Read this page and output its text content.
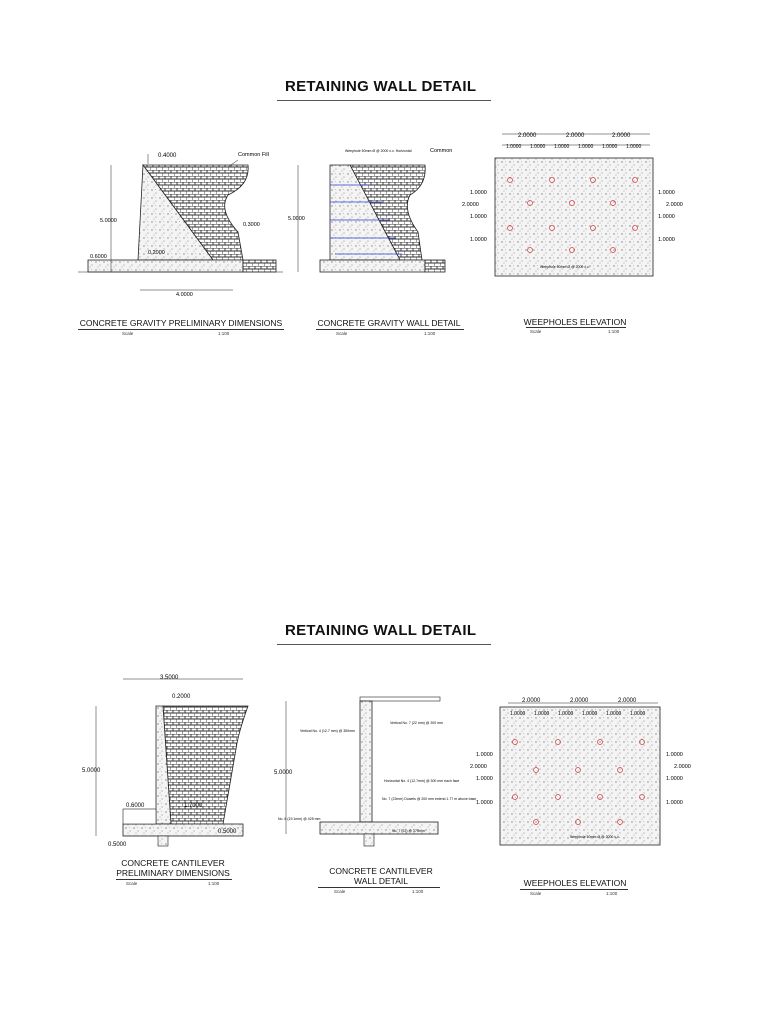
RETAINING WALL DETAIL
0.4000	Common Fill
5.0000
0.6000
0.2000
0.3000
4.0000
CONCRETE GRAVITY PRELIMINARY DIMENSIONS
Scale	1:100
Weephole 50mm Ø @ 2000 c.c. Horizontal	Common
5.0000
CONCRETE GRAVITY WALL DETAIL
Scale	1:100
2.0000	2.0000	2.0000
1.0000 1.0000 1.0000 1.0000 1.0000 1.0000
1.0000
2.0000
1.0000
1.0000
1.0000
2.0000
1.0000
1.0000
Weephole 50mm Ø @ 2000 c.c.
WEEPHOLES ELEVATION
Scale	1:100
RETAINING WALL DETAIL
3.5000
0.2000
5.0000
0.6000	1.7000
0.5000
0.5000
CONCRETE CANTILEVER
PRELIMINARY DIMENSIONS
Scale	1:100
5.0000
Vertical No. 4 (12.7 mm) @ 350mm
Vertical No. 7 (22 mm) @ 200 mm
Horizontal No. 4 (12.7mm) @ 300 mm each face
No. 7 (22mm) Dowels @ 200 mm extend 1.77 m above base
No. 6 (19.1mm) @ 425 mm
No. 7 (22) @ 375mm
CONCRETE CANTILEVER
WALL DETAIL
Scale	1:100
2.0000	2.0000	2.0000
1.0000 1.0000 1.0000 1.0000 1.0000 1.0000
1.0000
2.0000
1.0000
1.0000
1.0000
2.0000
1.0000
1.0000
Weephole 50mm Ø @ 2000 c.c.
WEEPHOLES ELEVATION
Scale	1:100
